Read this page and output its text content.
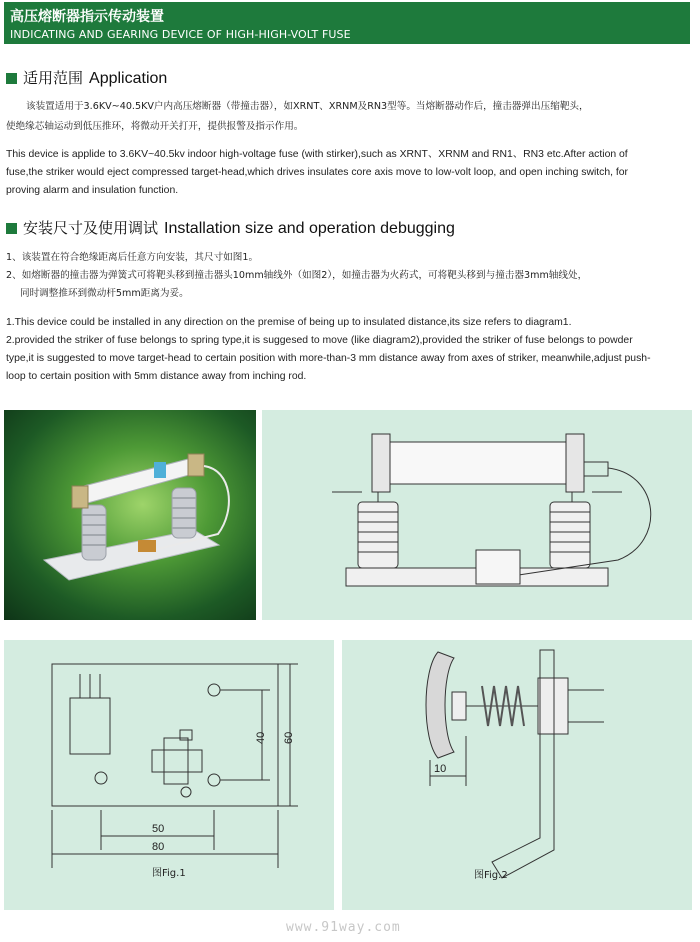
高压熔断器指示传动装置
INDICATING AND GEARING DEVICE OF HIGH-HIGH-VOLT FUSE
适用范围 Application
该装置适用于3.6KV~40.5KV户内高压熔断器（带撞击器），如XRNT、XRNM及RN3型等。当熔断器动作后，撞击器弹出压缩靶头，
使绝缘芯轴运动到低压推环，将微动开关打开，提供报警及指示作用。
This device is applide to 3.6KV~40.5kv indoor high-voltage fuse (with stirker),such as XRNT、XRNM and RN1、RN3 etc.After action of
fuse,the striker would eject compressed target-head,which drives insulates core axis move to low-volt loop, and open inching switch, for
proving alarm and insulation function.
安装尺寸及使用调试 Installation size and operation debugging
1、该装置在符合绝缘距离后任意方向安装，其尺寸如图1。
2、如熔断器的撞击器为弹簧式可将靶头移到撞击器头10mm轴线外（如图2），如撞击器为火药式，可将靶头移到与撞击器3mm轴线处，
同时调整推环到微动杆5mm距离为妥。
1.This device could be installed in any direction on the premise of being up to insulated distance,its size refers to diagram1.
2.provided the striker of fuse belongs to spring type,it is suggesed to move (like diagram2),provided the striker of fuse belongs to powder
type,it is suggested to move target-head to certain position with more-than-3 mm distance away from axes of striker, meanwhile,adjust push-
loop to certain position with 5mm distance away from inching rod.
50
80
40 60
图Fig.1
10
图Fig.2
www.91way.com
